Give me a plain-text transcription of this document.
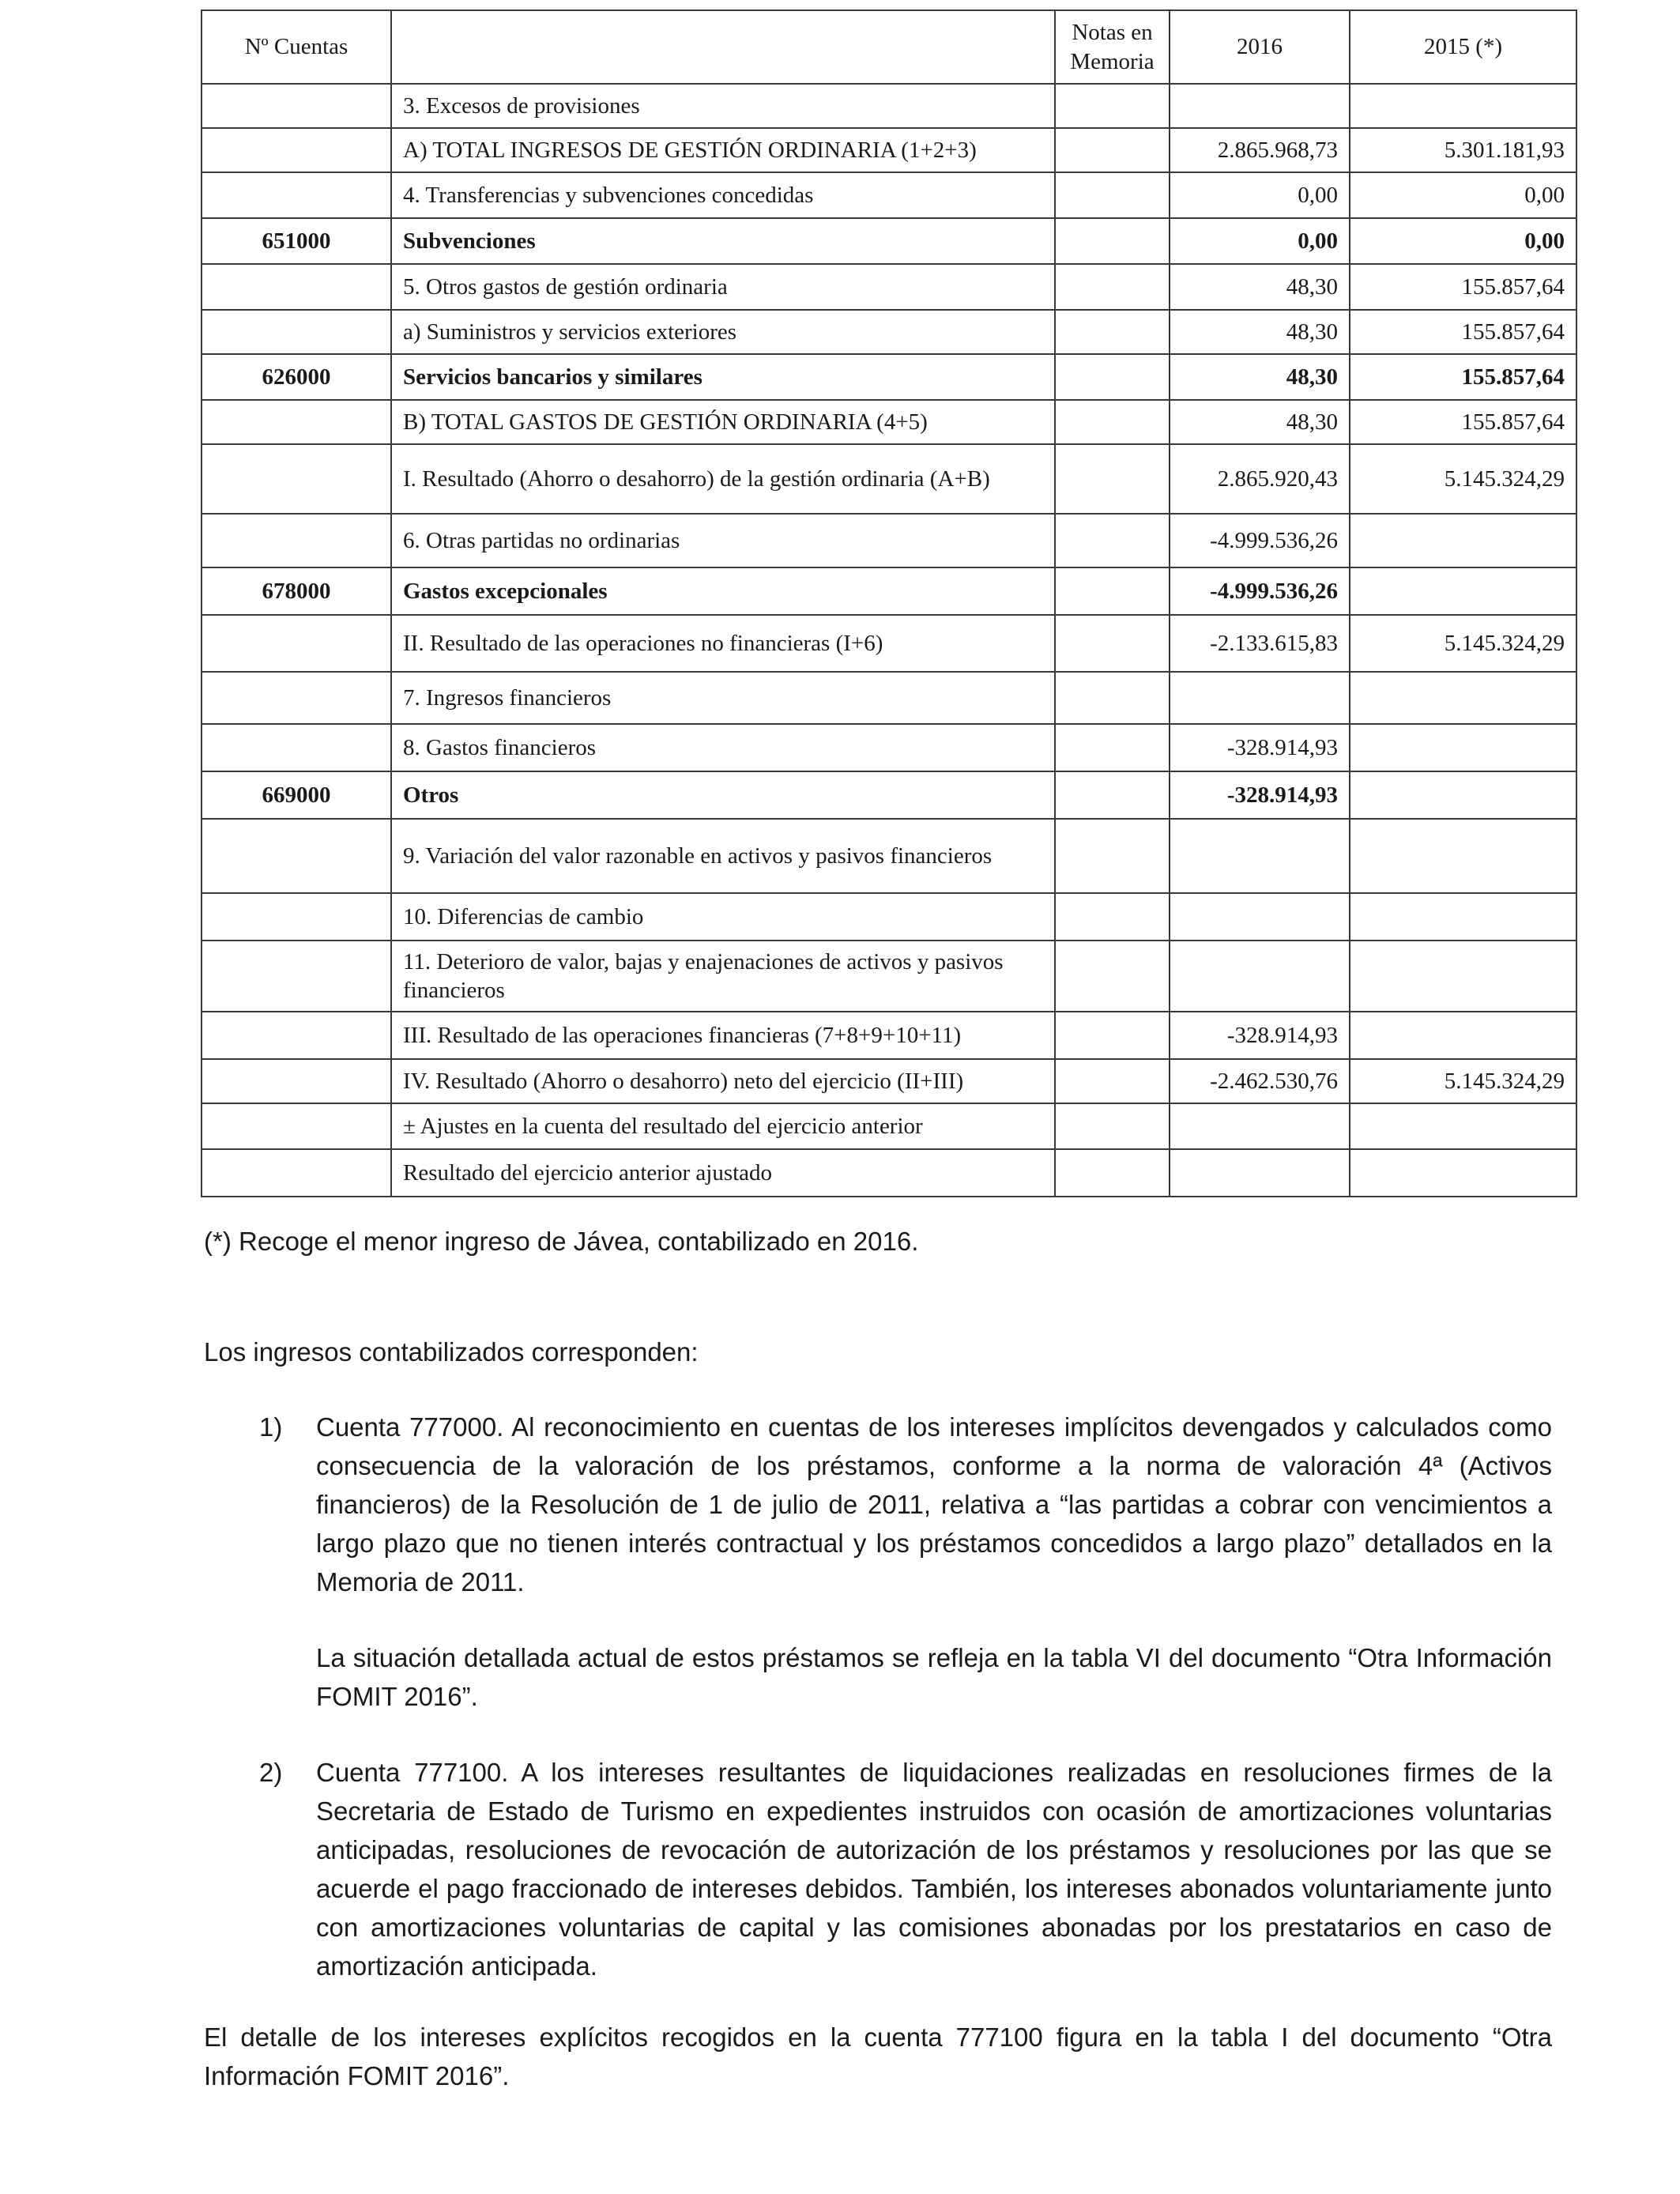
Nº Cuentas		Notas en Memoria	2016	2015 (*)
	3. Excesos de provisiones			
	A) TOTAL INGRESOS DE GESTIÓN ORDINARIA (1+2+3)		2.865.968,73	5.301.181,93
	4. Transferencias y subvenciones concedidas		0,00	0,00
651000	Subvenciones		0,00	0,00
	5. Otros gastos de gestión ordinaria		48,30	155.857,64
	a) Suministros y servicios exteriores		48,30	155.857,64
626000	Servicios bancarios y similares		48,30	155.857,64
	B) TOTAL GASTOS DE GESTIÓN ORDINARIA (4+5)		48,30	155.857,64
	I. Resultado (Ahorro o desahorro) de la gestión ordinaria (A+B)		2.865.920,43	5.145.324,29
	6. Otras partidas no ordinarias		-4.999.536,26	
678000	Gastos excepcionales		-4.999.536,26	
	II. Resultado de las operaciones no financieras (I+6)		-2.133.615,83	5.145.324,29
	7. Ingresos financieros			
	8. Gastos financieros		-328.914,93	
669000	Otros		-328.914,93	
	9. Variación del valor razonable en activos y pasivos financieros			
	10. Diferencias de cambio			
	11. Deterioro de valor, bajas y enajenaciones de activos y pasivos financieros			
	III. Resultado de las operaciones financieras (7+8+9+10+11)		-328.914,93	
	IV. Resultado (Ahorro o desahorro) neto del ejercicio (II+III)		-2.462.530,76	5.145.324,29
	± Ajustes en la cuenta del resultado del ejercicio anterior			
	Resultado del ejercicio anterior ajustado			

(*) Recoge el menor ingreso de Jávea, contabilizado en 2016.

Los ingresos contabilizados corresponden:

1)	Cuenta 777000. Al reconocimiento en cuentas de los intereses implícitos devengados y calculados como consecuencia de la valoración de los préstamos, conforme a la norma de valoración 4ª (Activos financieros) de la Resolución de 1 de julio de 2011, relativa a “las partidas a cobrar con vencimientos a largo plazo que no tienen interés contractual y los préstamos concedidos a largo plazo” detallados en la Memoria de 2011.

La situación detallada actual de estos préstamos se refleja en la tabla VI del documento “Otra Información FOMIT 2016”.

2)	Cuenta 777100. A los intereses resultantes de liquidaciones realizadas en resoluciones firmes de la Secretaria de Estado de Turismo en expedientes instruidos con ocasión de amortizaciones voluntarias anticipadas, resoluciones de revocación de autorización de los préstamos y resoluciones por las que se acuerde el pago fraccionado de intereses debidos. También, los intereses abonados voluntariamente junto con amortizaciones voluntarias de capital y las comisiones abonadas por los prestatarios en caso de amortización anticipada.

El detalle de los intereses explícitos recogidos en la cuenta 777100 figura en la tabla I del documento “Otra Información FOMIT 2016”.
